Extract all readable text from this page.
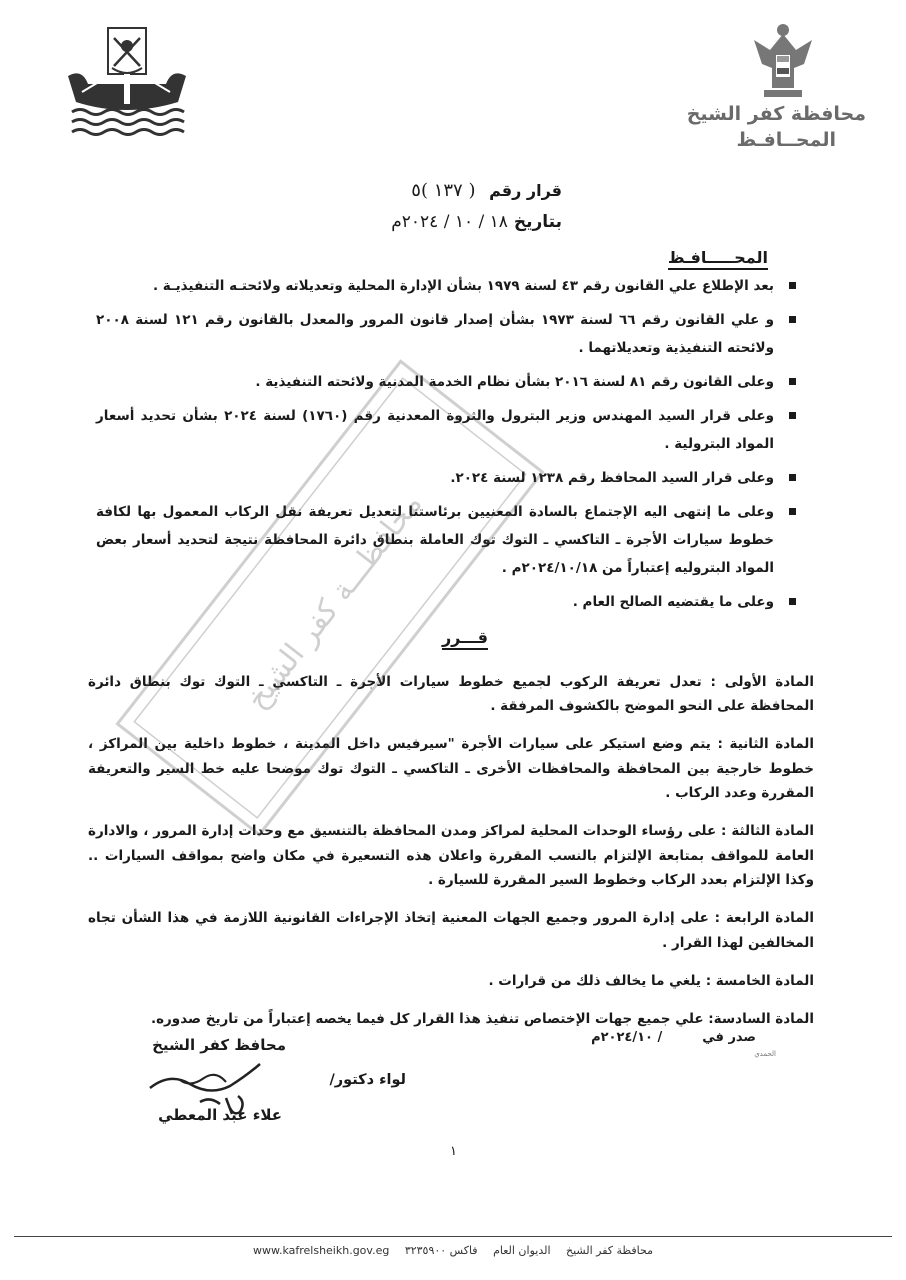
محافظة كفر الشيخ
المحــافـظ
قرار رقم ( ١٣٧ )٥
بتاريخ ١٨ / ١٠ / ٢٠٢٤م
المحـــــافـظ
بعد الإطلاع علي القانون رقم ٤٣ لسنة ١٩٧٩ بشأن الإدارة المحلية وتعديلاته ولائحتـه التنفيذيـة .
و علي القانون رقم ٦٦ لسنة ١٩٧٣ بشأن إصدار قانون المرور والمعدل بالقانون رقم ١٢١ لسنة ٢٠٠٨ ولائحته التنفيذية وتعديلاتهما .
وعلى القانون رقم ٨١ لسنة ٢٠١٦ بشأن نظام الخدمة المدنية ولائحته التنفيذية .
وعلى قرار السيد المهندس وزير البترول والثروة المعدنية رقم (١٧٦٠) لسنة ٢٠٢٤ بشأن تحديد أسعار المواد البترولية .
وعلى قرار السيد المحافظ رقم ١٢٣٨ لسنة ٢٠٢٤.
وعلى ما إنتهى اليه الإجتماع بالسادة المعنيين برئاستنا لتعديل تعريفة نقل الركاب المعمول بها لكافة خطوط سيارات الأجرة ـ التاكسي ـ التوك توك العاملة بنطاق دائرة المحافظة نتيجة لتحديد أسعار بعض المواد البتروليه إعتباراً من ٢٠٢٤/١٠/١٨م .
وعلى ما يقتضيه الصالح العام .
قـــرر

المادة الأولى : تعدل تعريفة الركوب لجميع خطوط سيارات الأجرة ـ التاكسي ـ التوك توك بنطاق دائرة المحافظة على النحو الموضح بالكشوف المرفقة .

المادة الثانية : يتم وضع استيكر على سيارات الأجرة "سيرفيس داخل المدينة ، خطوط داخلية بين المراكز ، خطوط خارجية بين المحافظة والمحافظات الأخرى ـ التاكسي ـ التوك توك موضحا عليه خط السير والتعريفة المقررة وعدد الركاب .

المادة الثالثة : على رؤساء الوحدات المحلية لمراكز ومدن المحافظة بالتنسيق مع وحدات إدارة المرور ، والادارة العامة للمواقف بمتابعة الإلتزام بالنسب المقررة واعلان هذه التسعيرة في مكان واضح بمواقف السيارات .. وكذا الإلتزام بعدد الركاب وخطوط السير المقررة للسيارة .

المادة الرابعة : على إدارة المرور وجميع الجهات المعنية إتخاذ الإجراءات القانونية اللازمة في هذا الشأن تجاه المخالفين لهذا القرار .

المادة الخامسة : يلغي ما يخالف ذلك من قرارات .

المادة السادسة: علي جميع جهات الإختصاص تنفيذ هذا القرار كل فيما يخصه إعتباراً من تاريخ صدوره.

صدر في/ ٢٠٢٤/١٠م
الحمدي
محافظ كفر الشيخ
١٨ / ١٠ / ٢٠٢٤
لواء دكتور/
علاء عبد المعطي
١
محافظـــة كفر الشيخ
محافظة كفر الشيخ الديوان العام فاكس ٣٢٣٥٩٠٠ www.kafrelsheikh.gov.eg
